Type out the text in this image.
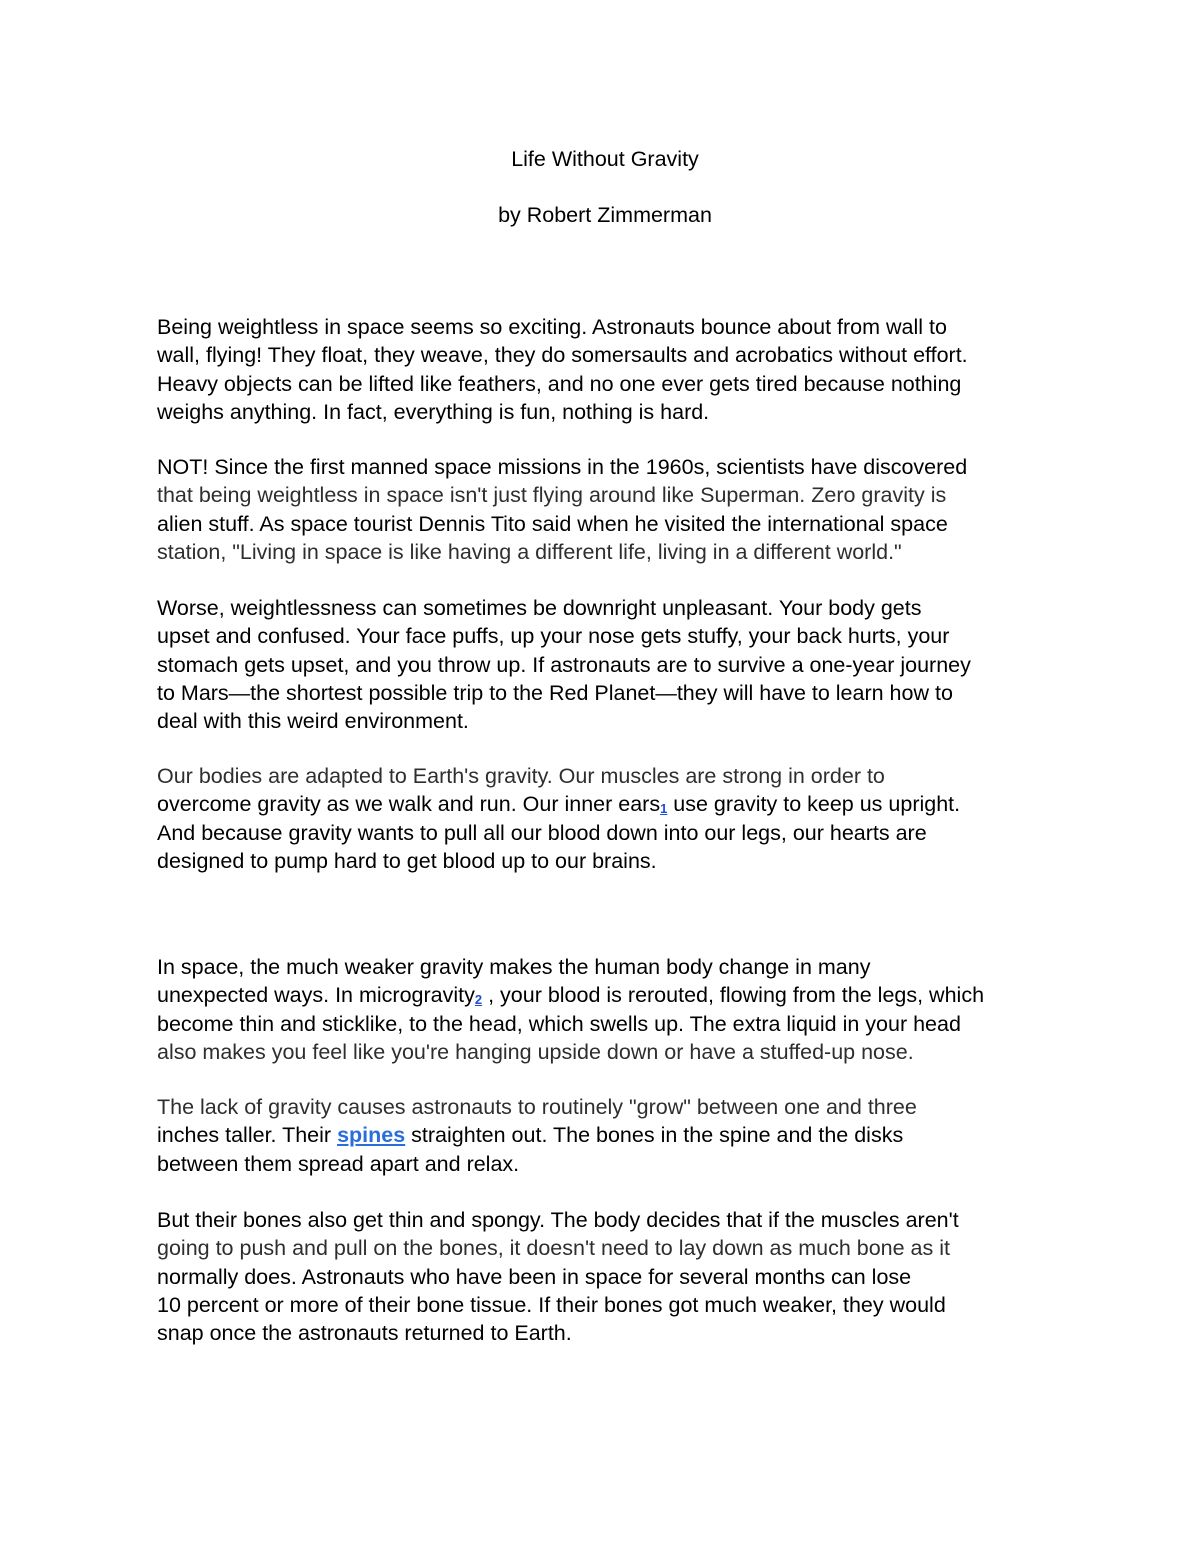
Life Without Gravity
by Robert Zimmerman

Being weightless in space seems so exciting. Astronauts bounce about from wall to
wall, flying! They float, they weave, they do somersaults and acrobatics without effort.
Heavy objects can be lifted like feathers, and no one ever gets tired because nothing
weighs anything. In fact, everything is fun, nothing is hard.

NOT! Since the first manned space missions in the 1960s, scientists have discovered
that being weightless in space isn't just flying around like Superman. Zero gravity is
alien stuff. As space tourist Dennis Tito said when he visited the international space
station, "Living in space is like having a different life, living in a different world."

Worse, weightlessness can sometimes be downright unpleasant. Your body gets
upset and confused. Your face puffs, up your nose gets stuffy, your back hurts, your
stomach gets upset, and you throw up. If astronauts are to survive a one-year journey
to Mars—the shortest possible trip to the Red Planet—they will have to learn how to
deal with this weird environment.

Our bodies are adapted to Earth's gravity. Our muscles are strong in order to
overcome gravity as we walk and run. Our inner ears1 use gravity to keep us upright.
And because gravity wants to pull all our blood down into our legs, our hearts are
designed to pump hard to get blood up to our brains.

In space, the much weaker gravity makes the human body change in many
unexpected ways. In microgravity2 , your blood is rerouted, flowing from the legs, which
become thin and sticklike, to the head, which swells up. The extra liquid in your head
also makes you feel like you're hanging upside down or have a stuffed-up nose.

The lack of gravity causes astronauts to routinely "grow" between one and three
inches taller. Their spines straighten out. The bones in the spine and the disks
between them spread apart and relax.

But their bones also get thin and spongy. The body decides that if the muscles aren't
going to push and pull on the bones, it doesn't need to lay down as much bone as it
normally does. Astronauts who have been in space for several months can lose
10 percent or more of their bone tissue. If their bones got much weaker, they would
snap once the astronauts returned to Earth.
